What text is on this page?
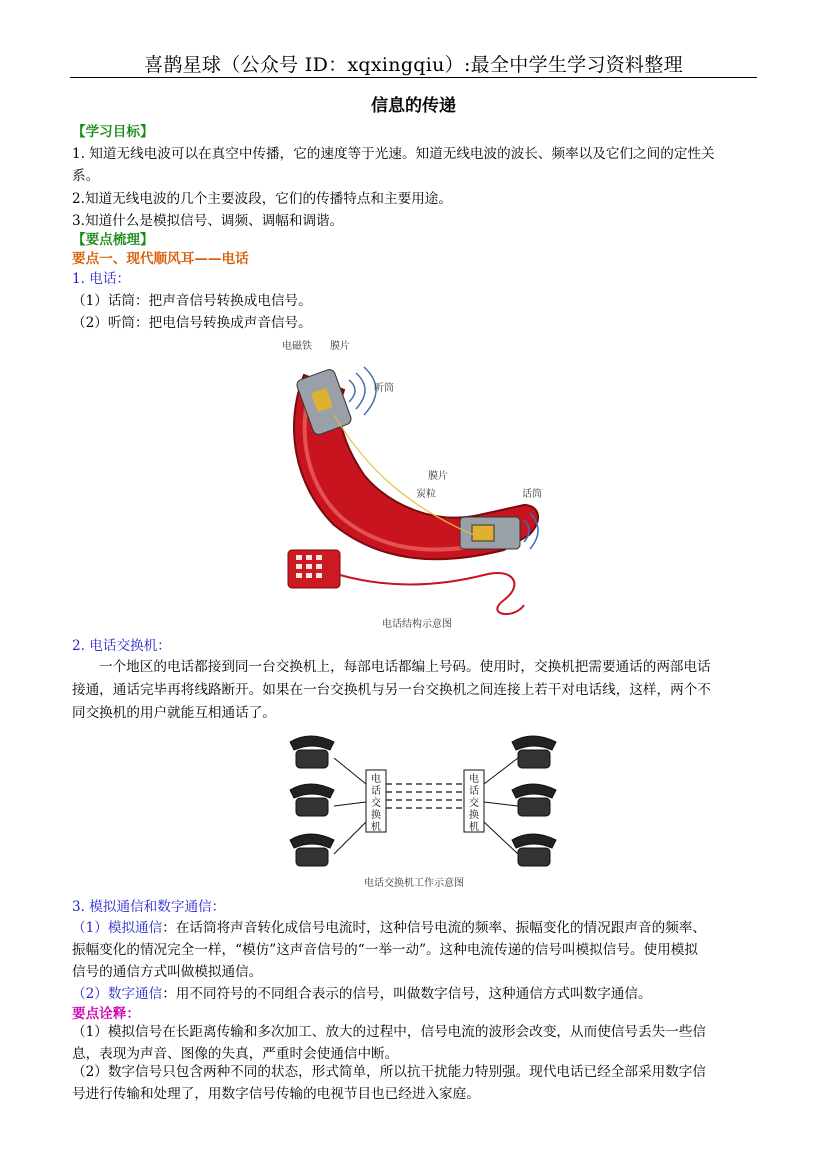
喜鹊星球（公众号 ID：xqxingqiu）:最全中学生学习资料整理
信息的传递
【学习目标】
1. 知道无线电波可以在真空中传播，它的速度等于光速。知道无线电波的波长、频率以及它们之间的定性关
系。
2.知道无线电波的几个主要波段，它们的传播特点和主要用途。
3.知道什么是模拟信号、调频、调幅和调谐。
【要点梳理】
要点一、现代顺风耳——电话
1. 电话：
（1）话筒：把声音信号转换成电信号。
（2）听筒：把电信号转换成声音信号。
电磁铁 膜片
听筒
膜片
炭粒	话筒
电话结构示意图
2. 电话交换机：
一个地区的电话都接到同一台交换机上，每部电话都编上号码。使用时，交换机把需要通话的两部电话
接通，通话完毕再将线路断开。如果在一台交换机与另一台交换机之间连接上若干对电话线，这样，两个不
同交换机的用户就能互相通话了。
电
话
交
换
机
电
话
交
换
机
电话交换机工作示意图
3. 模拟通信和数字通信：
（1）模拟通信：在话筒将声音转化成信号电流时，这种信号电流的频率、振幅变化的情况跟声音的频率、
振幅变化的情况完全一样，“模仿”这声音信号的“一举一动”。这种电流传递的信号叫模拟信号。使用模拟
信号的通信方式叫做模拟通信。
（2）数字通信：用不同符号的不同组合表示的信号，叫做数字信号，这种通信方式叫数字通信。
要点诠释：
（1）模拟信号在长距离传输和多次加工、放大的过程中，信号电流的波形会改变，从而使信号丢失一些信
息，表现为声音、图像的失真，严重时会使通信中断。
（2）数字信号只包含两种不同的状态，形式简单，所以抗干扰能力特别强。现代电话已经全部采用数字信
号进行传输和处理了，用数字信号传输的电视节目也已经进入家庭。
